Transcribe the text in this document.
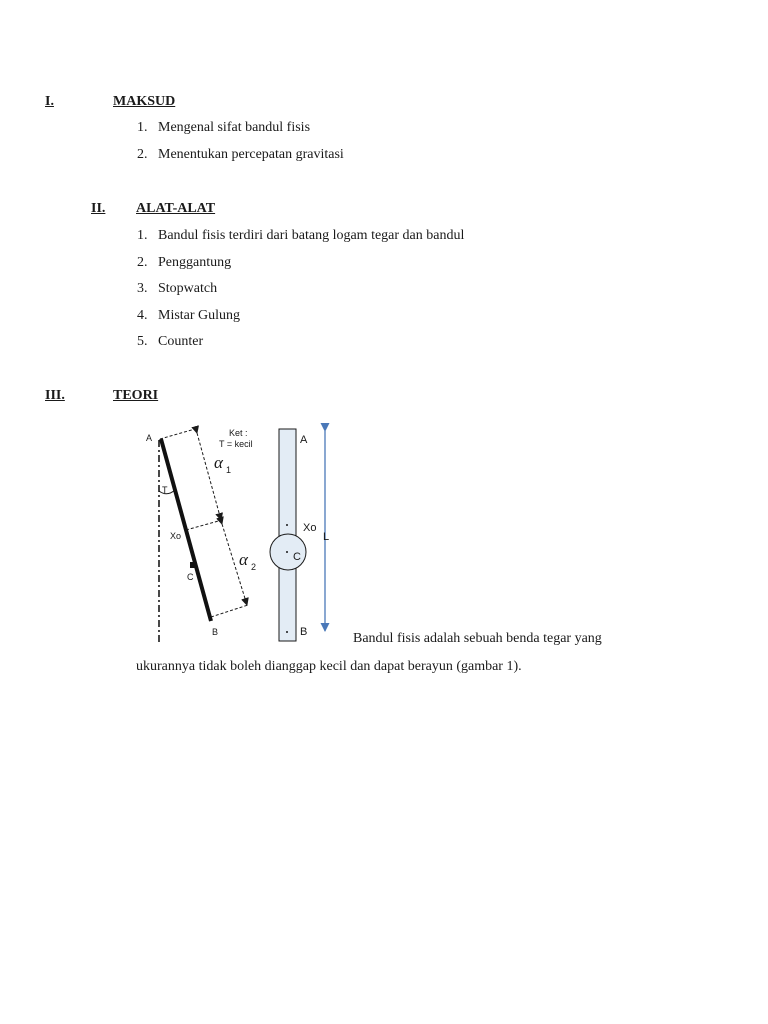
I.	MAKSUD
1. Mengenal sifat bandul fisis
2. Menentukan percepatan gravitasi
II. ALAT-ALAT
1. Bandul fisis terdiri dari batang logam tegar dan bandul
2. Penggantung
3. Stopwatch
4. Mistar Gulung
5. Counter
III.	TEORI
A
B
C
T
Xo
Ket :
T = kecil
α 1
α 2
A
B
C
Xo
L
Bandul fisis adalah sebuah benda tegar yang
ukurannya tidak boleh dianggap kecil dan dapat berayun (gambar 1).
